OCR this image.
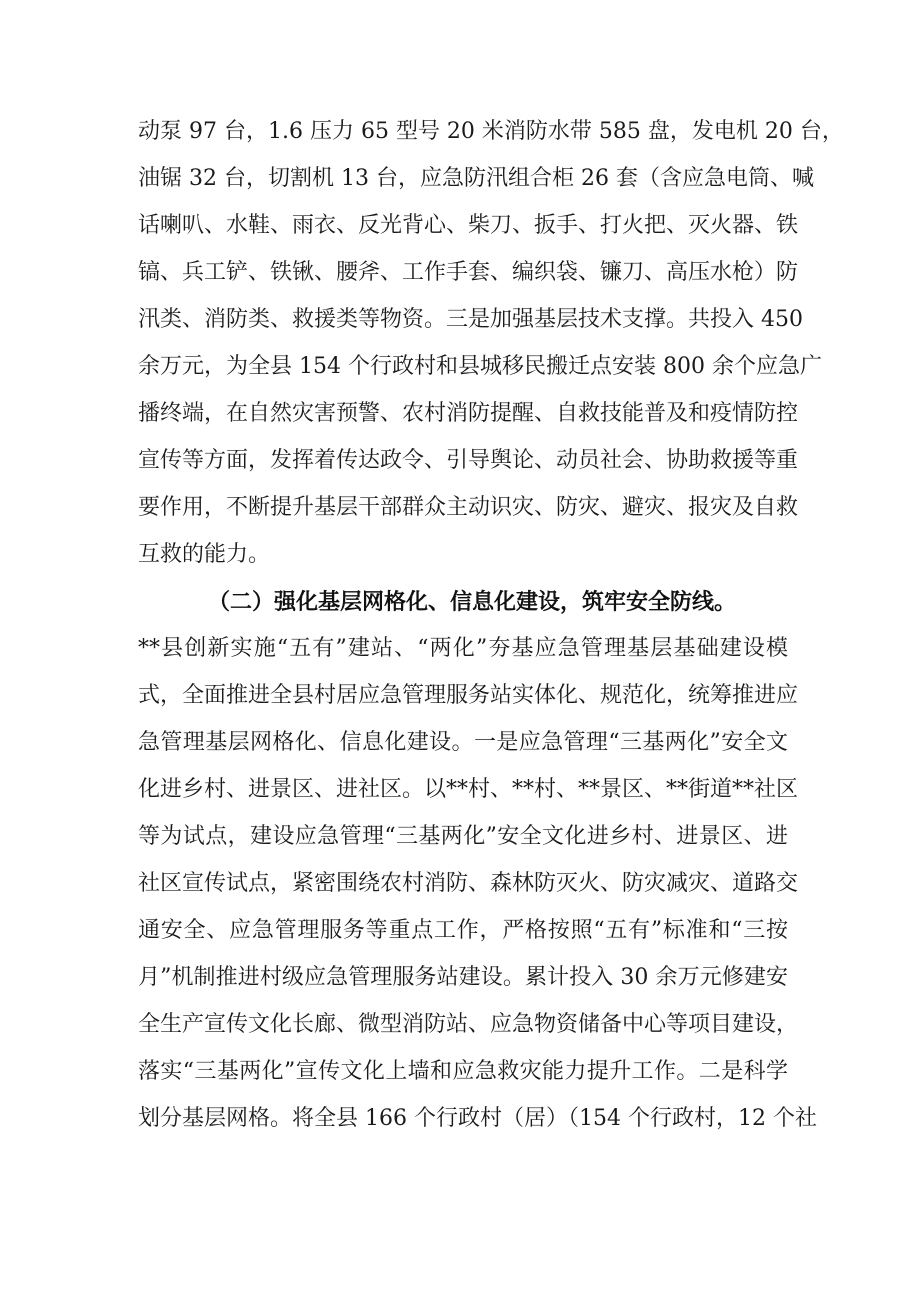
动泵 97 台，1.6 压力 65 型号 20 米消防水带 585 盘，发电机 20 台，
油锯 32 台，切割机 13 台，应急防汛组合柜 26 套（含应急电筒、喊
话喇叭、水鞋、雨衣、反光背心、柴刀、扳手、打火把、灭火器、铁
镐、兵工铲、铁锹、腰斧、工作手套、编织袋、镰刀、高压水枪）防
汛类、消防类、救援类等物资。三是加强基层技术支撑。共投入 450
余万元，为全县 154 个行政村和县城移民搬迁点安装 800 余个应急广
播终端，在自然灾害预警、农村消防提醒、自救技能普及和疫情防控
宣传等方面，发挥着传达政令、引导舆论、动员社会、协助救援等重
要作用，不断提升基层干部群众主动识灾、防灾、避灾、报灾及自救
互救的能力。
（二）强化基层网格化、信息化建设，筑牢安全防线。
**县创新实施“五有”建站、“两化”夯基应急管理基层基础建设模
式，全面推进全县村居应急管理服务站实体化、规范化，统筹推进应
急管理基层网格化、信息化建设。一是应急管理“三基两化”安全文
化进乡村、进景区、进社区。以**村、**村、**景区、**街道**社区
等为试点，建设应急管理“三基两化”安全文化进乡村、进景区、进
社区宣传试点，紧密围绕农村消防、森林防灭火、防灾减灾、道路交
通安全、应急管理服务等重点工作，严格按照“五有”标准和“三按
月”机制推进村级应急管理服务站建设。累计投入 30 余万元修建安
全生产宣传文化长廊、微型消防站、应急物资储备中心等项目建设，
落实“三基两化”宣传文化上墙和应急救灾能力提升工作。二是科学
划分基层网格。将全县 166 个行政村（居）（154 个行政村，12 个社
